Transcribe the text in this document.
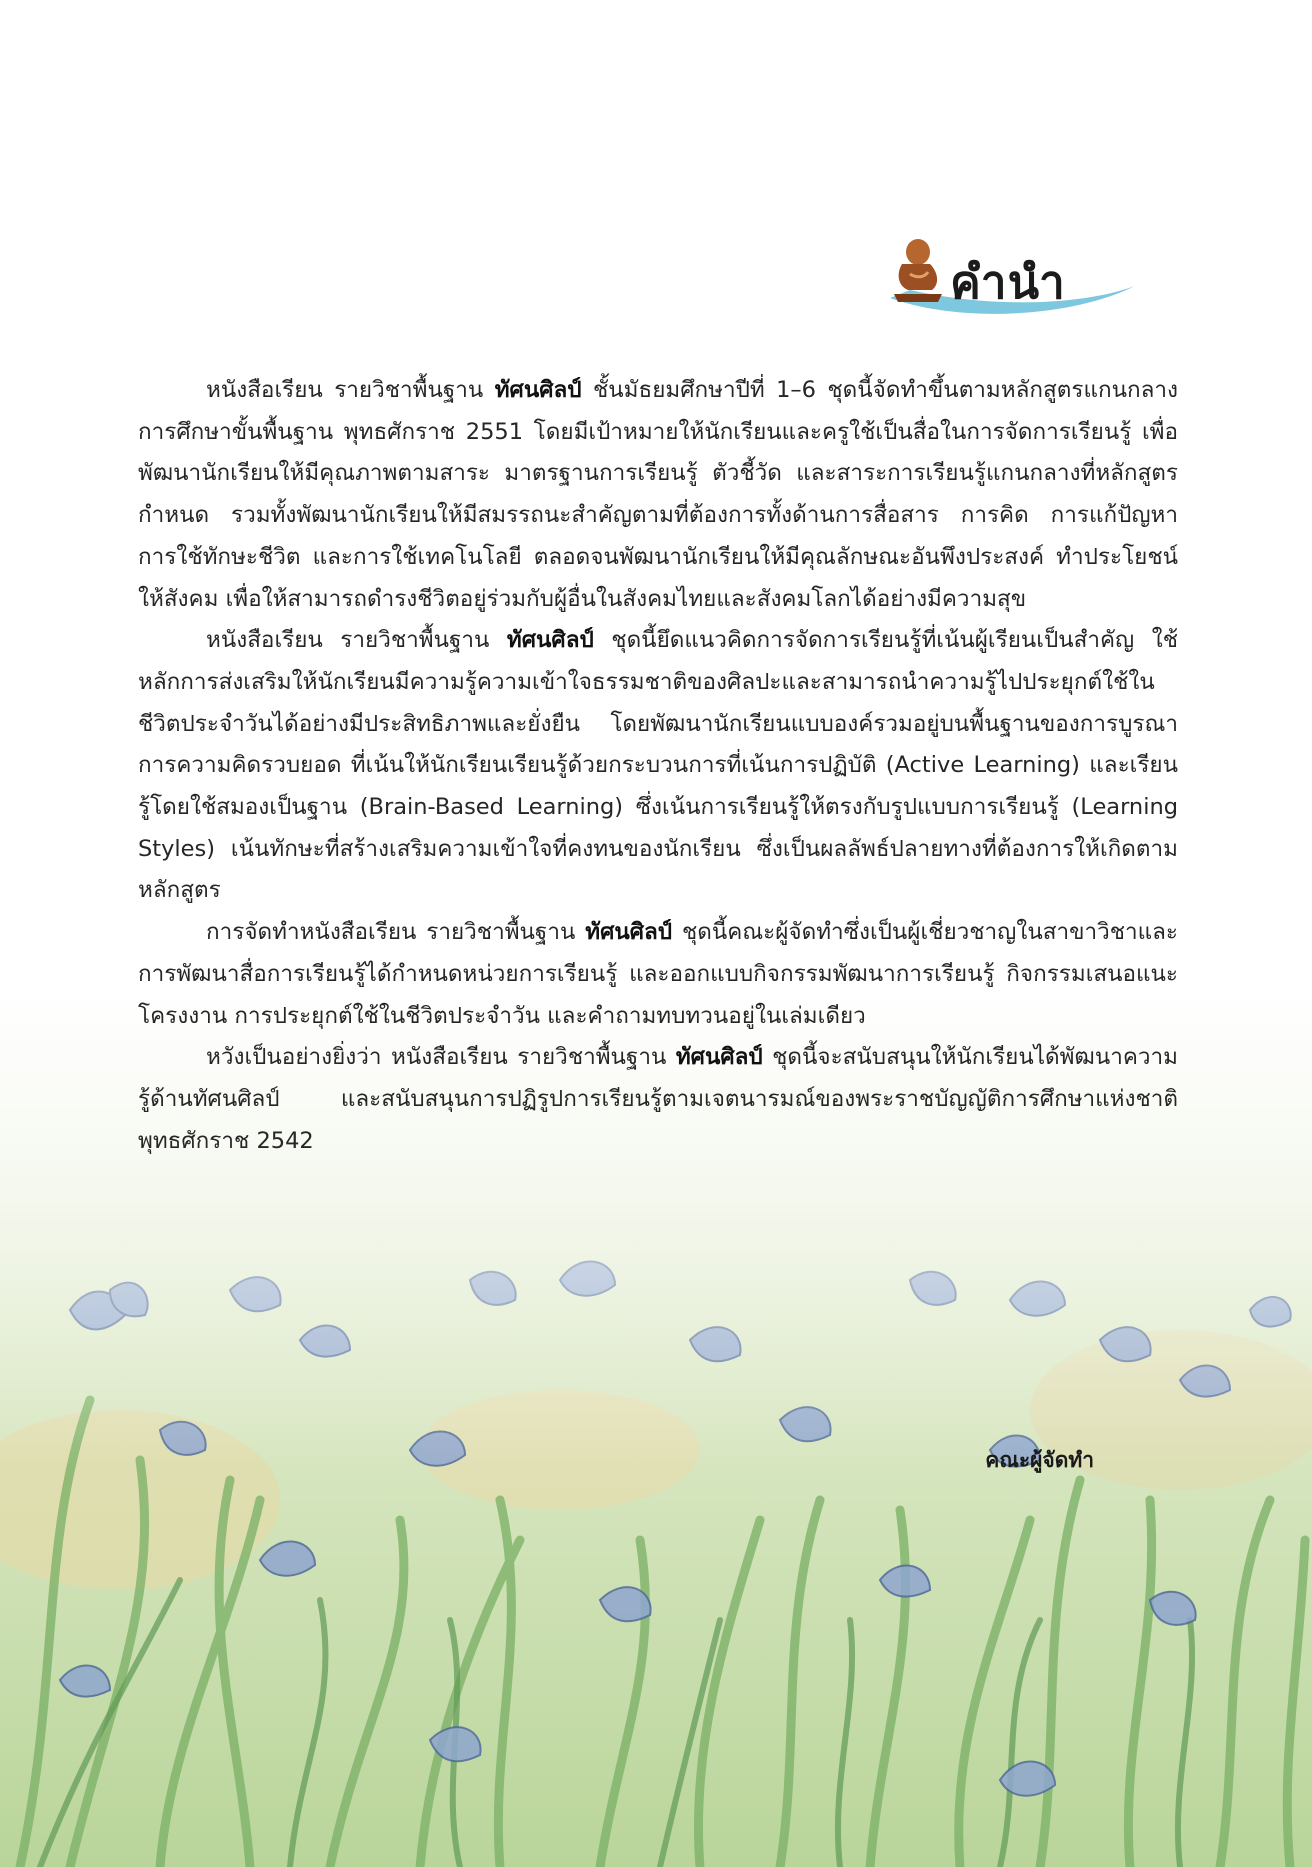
คำนำ

หนังสือเรียน รายวิชาพื้นฐาน ทัศนศิลป์ ชั้นมัธยมศึกษาปีที่ 1–6 ชุดนี้จัดทำขึ้นตามหลักสูตรแกนกลางการศึกษาขั้นพื้นฐาน พุทธศักราช 2551 โดยมีเป้าหมายให้นักเรียนและครูใช้เป็นสื่อในการจัดการเรียนรู้ เพื่อพัฒนานักเรียนให้มีคุณภาพตามสาระ มาตรฐานการเรียนรู้ ตัวชี้วัด และสาระการเรียนรู้แกนกลางที่หลักสูตรกำหนด รวมทั้งพัฒนานักเรียนให้มีสมรรถนะสำคัญตามที่ต้องการทั้งด้านการสื่อสาร การคิด การแก้ปัญหา การใช้ทักษะชีวิต และการใช้เทคโนโลยี ตลอดจนพัฒนานักเรียนให้มีคุณลักษณะอันพึงประสงค์ ทำประโยชน์ให้สังคม เพื่อให้สามารถดำรงชีวิตอยู่ร่วมกับผู้อื่นในสังคมไทยและสังคมโลกได้อย่างมีความสุข

หนังสือเรียน รายวิชาพื้นฐาน ทัศนศิลป์ ชุดนี้ยึดแนวคิดการจัดการเรียนรู้ที่เน้นผู้เรียนเป็นสำคัญ ใช้หลักการส่งเสริมให้นักเรียนมีความรู้ความเข้าใจธรรมชาติของศิลปะและสามารถนำความรู้ไปประยุกต์ใช้ในชีวิตประจำวันได้อย่างมีประสิทธิภาพและยั่งยืน โดยพัฒนานักเรียนแบบองค์รวมอยู่บนพื้นฐานของการบูรณาการความคิดรวบยอด ที่เน้นให้นักเรียนเรียนรู้ด้วยกระบวนการที่เน้นการปฏิบัติ (Active Learning) และเรียนรู้โดยใช้สมองเป็นฐาน (Brain-Based Learning) ซึ่งเน้นการเรียนรู้ให้ตรงกับรูปแบบการเรียนรู้ (Learning Styles) เน้นทักษะที่สร้างเสริมความเข้าใจที่คงทนของนักเรียน ซึ่งเป็นผลลัพธ์ปลายทางที่ต้องการให้เกิดตามหลักสูตร

การจัดทำหนังสือเรียน รายวิชาพื้นฐาน ทัศนศิลป์ ชุดนี้คณะผู้จัดทำซึ่งเป็นผู้เชี่ยวชาญในสาขาวิชาและการพัฒนาสื่อการเรียนรู้ได้กำหนดหน่วยการเรียนรู้ และออกแบบกิจกรรมพัฒนาการเรียนรู้ กิจกรรมเสนอแนะ โครงงาน การประยุกต์ใช้ในชีวิตประจำวัน และคำถามทบทวนอยู่ในเล่มเดียว

หวังเป็นอย่างยิ่งว่า หนังสือเรียน รายวิชาพื้นฐาน ทัศนศิลป์ ชุดนี้จะสนับสนุนให้นักเรียนได้พัฒนาความรู้ด้านทัศนศิลป์ และสนับสนุนการปฏิรูปการเรียนรู้ตามเจตนารมณ์ของพระราชบัญญัติการศึกษาแห่งชาติ พุทธศักราช 2542

คณะผู้จัดทำ
